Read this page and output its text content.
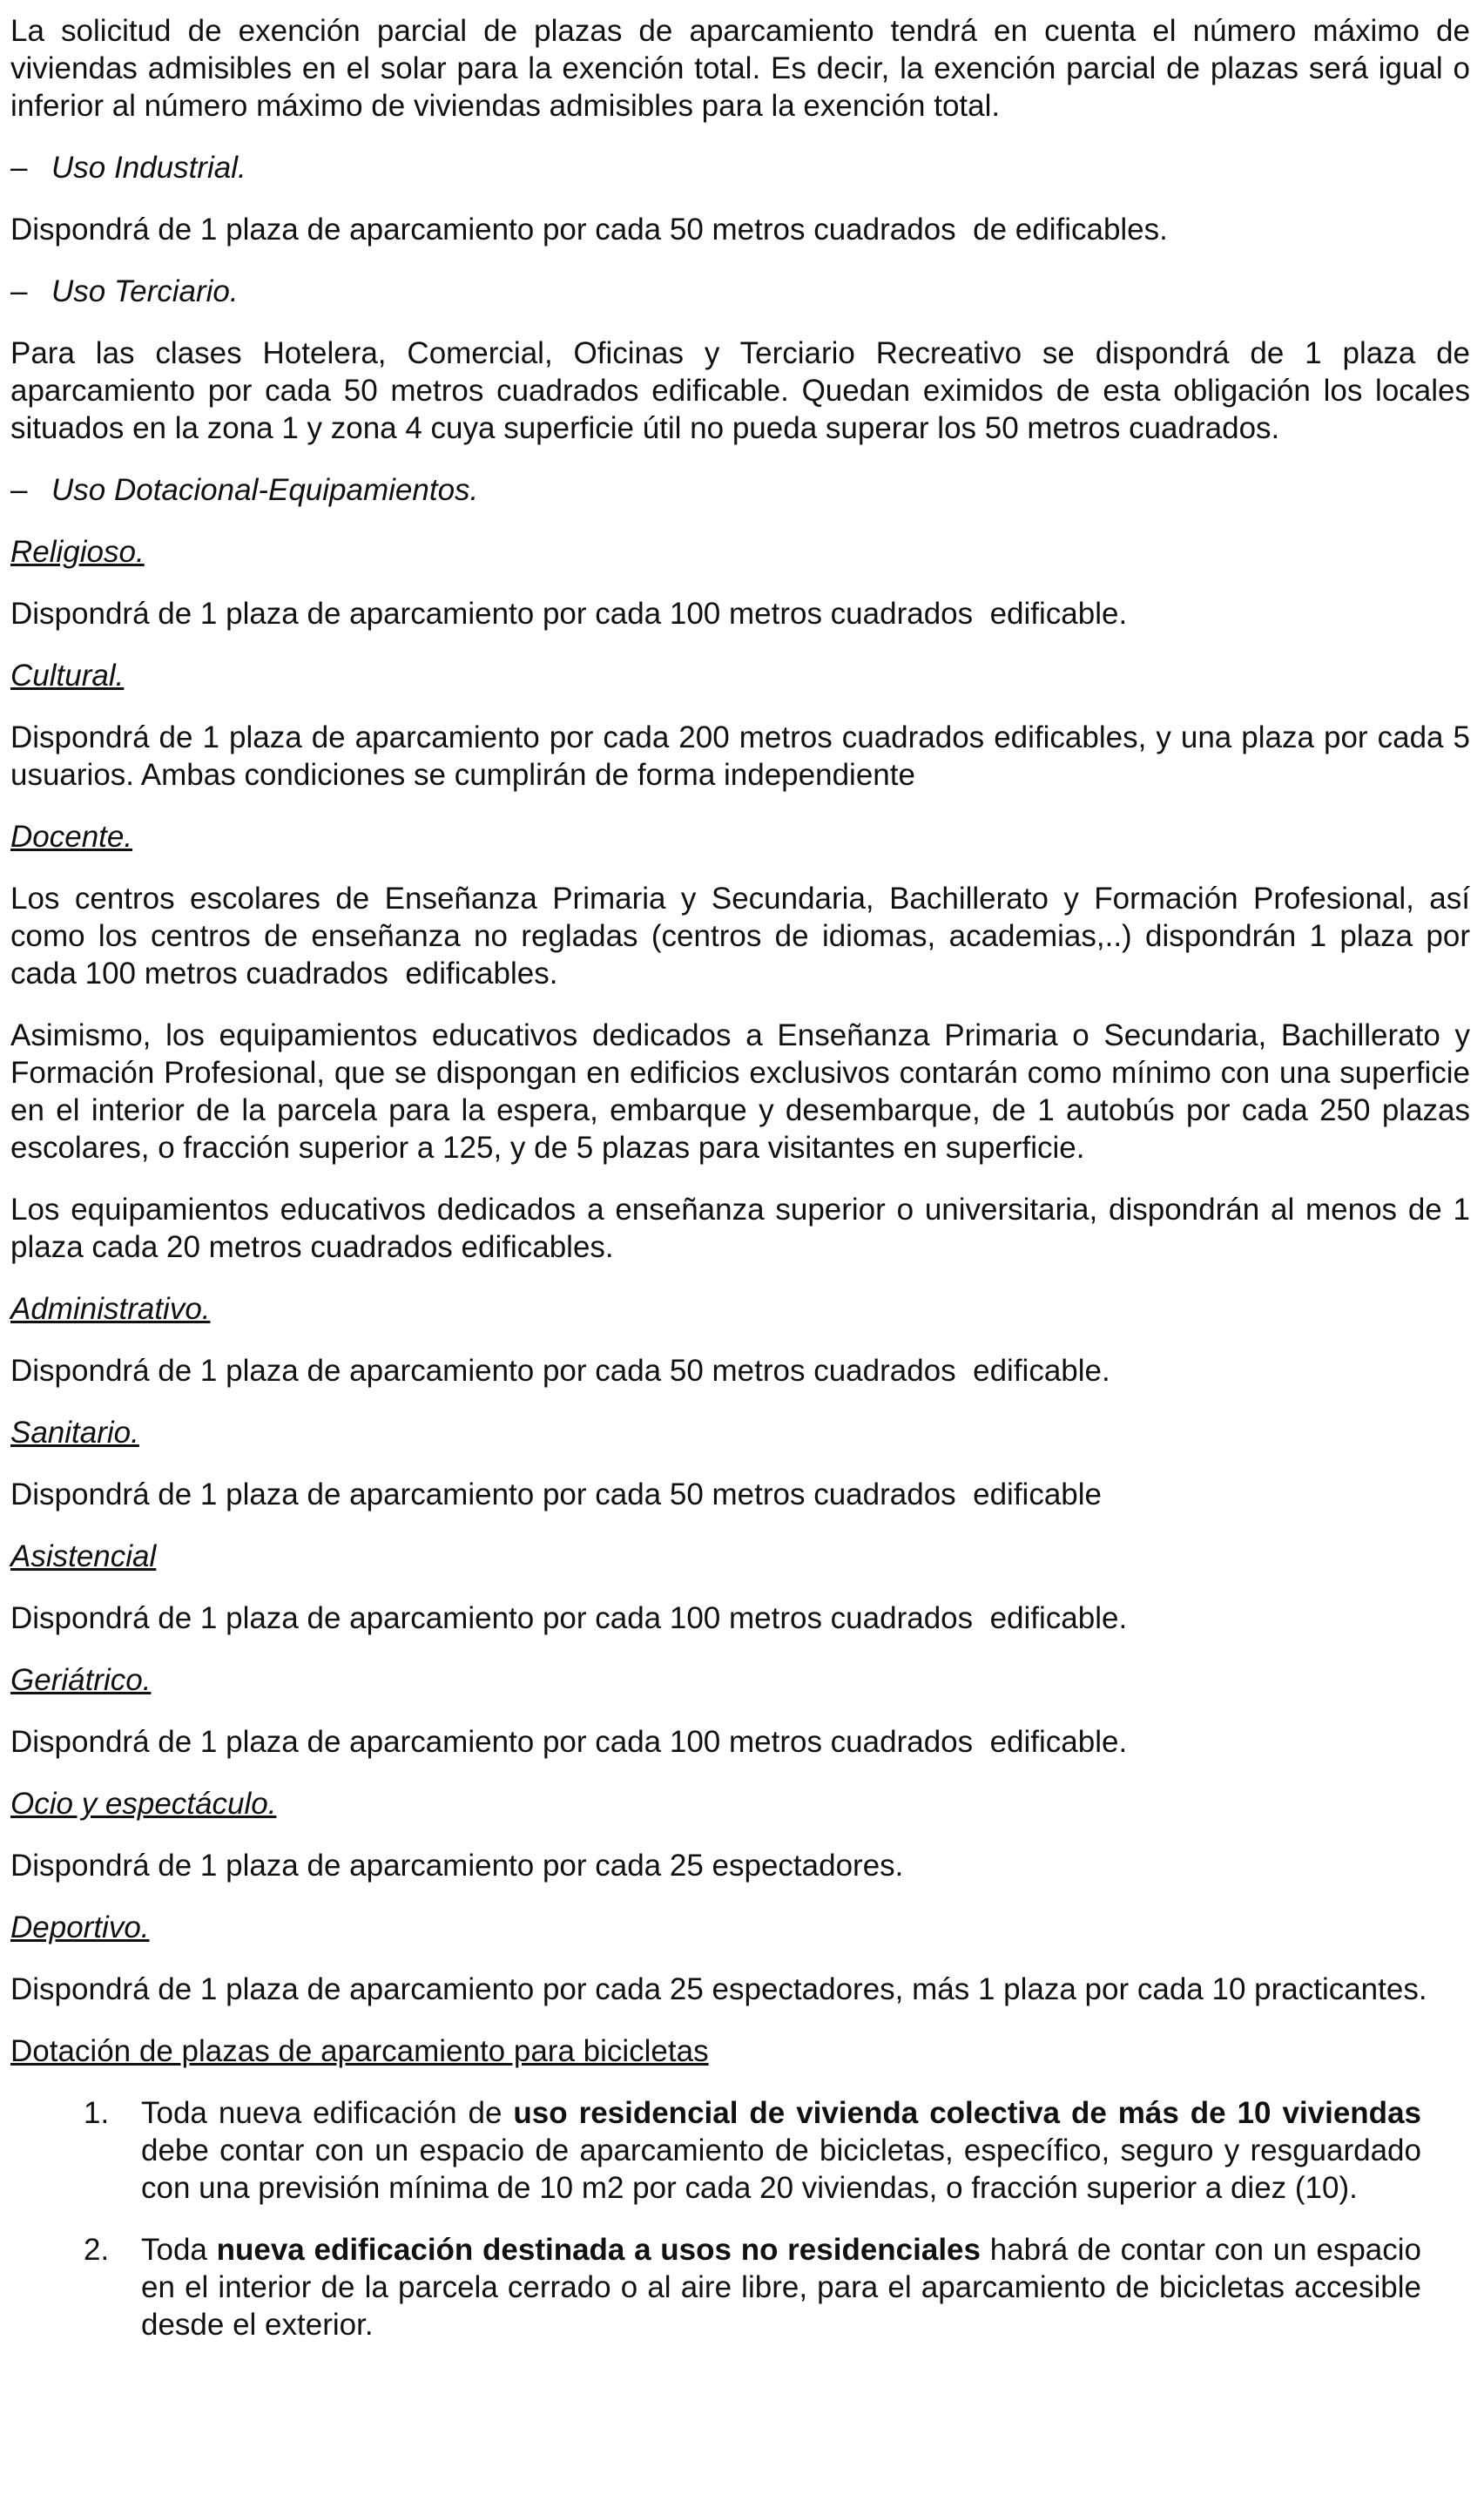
La solicitud de exención parcial de plazas de aparcamiento tendrá en cuenta el número máximo de viviendas admisibles en el solar para la exención total. Es decir, la exención parcial de plazas será igual o inferior al número máximo de viviendas admisibles para la exención total.

– Uso Industrial.

Dispondrá de 1 plaza de aparcamiento por cada 50 metros cuadrados  de edificables.

– Uso Terciario.

Para las clases Hotelera, Comercial, Oficinas y Terciario Recreativo se dispondrá de 1 plaza de aparcamiento por cada 50 metros cuadrados edificable. Quedan eximidos de esta obligación los locales situados en la zona 1 y zona 4 cuya superficie útil no pueda superar los 50 metros cuadrados.

– Uso Dotacional-Equipamientos.

Religioso.

Dispondrá de 1 plaza de aparcamiento por cada 100 metros cuadrados  edificable.

Cultural.

Dispondrá de 1 plaza de aparcamiento por cada 200 metros cuadrados edificables, y una plaza por cada 5 usuarios. Ambas condiciones se cumplirán de forma independiente

Docente.

Los centros escolares de Enseñanza Primaria y Secundaria, Bachillerato y Formación Profesional, así como los centros de enseñanza no regladas (centros de idiomas, academias,..) dispondrán 1 plaza por cada 100 metros cuadrados  edificables.

Asimismo, los equipamientos educativos dedicados a Enseñanza Primaria o Secundaria, Bachillerato y Formación Profesional, que se dispongan en edificios exclusivos contarán como mínimo con una superficie en el interior de la parcela para la espera, embarque y desembarque, de 1 autobús por cada 250 plazas escolares, o fracción superior a 125, y de 5 plazas para visitantes en superficie.

Los equipamientos educativos dedicados a enseñanza superior o universitaria, dispondrán al menos de 1 plaza cada 20 metros cuadrados edificables.

Administrativo.

Dispondrá de 1 plaza de aparcamiento por cada 50 metros cuadrados  edificable.

Sanitario.

Dispondrá de 1 plaza de aparcamiento por cada 50 metros cuadrados  edificable

Asistencial

Dispondrá de 1 plaza de aparcamiento por cada 100 metros cuadrados  edificable.

Geriátrico.

Dispondrá de 1 plaza de aparcamiento por cada 100 metros cuadrados  edificable.

Ocio y espectáculo.

Dispondrá de 1 plaza de aparcamiento por cada 25 espectadores.

Deportivo.

Dispondrá de 1 plaza de aparcamiento por cada 25 espectadores, más 1 plaza por cada 10 practicantes.

Dotación de plazas de aparcamiento para bicicletas

1.	Toda nueva edificación de uso residencial de vivienda colectiva de más de 10 viviendas debe contar con un espacio de aparcamiento de bicicletas, específico, seguro y resguardado con una previsión mínima de 10 m2 por cada 20 viviendas, o fracción superior a diez (10).

2.	Toda nueva edificación destinada a usos no residenciales habrá de contar con un espacio en el interior de la parcela cerrado o al aire libre, para el aparcamiento de bicicletas accesible desde el exterior.
